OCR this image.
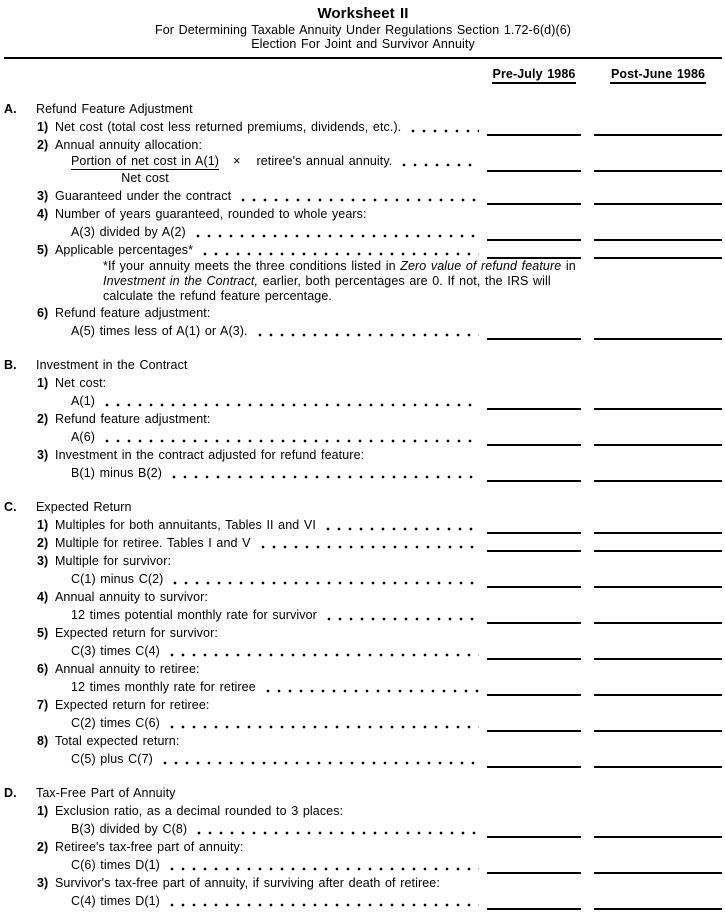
Worksheet II
For Determining Taxable Annuity Under Regulations Section 1.72-6(d)(6)
Election For Joint and Survivor Annuity
Pre-July 1986	Post-June 1986
A.	Refund Feature Adjustment
1) Net cost (total cost less returned premiums, dividends, etc.).
2) Annual annuity allocation:
$\frac{\text{Portion of net cost in A(1)}}{\text{Net cost}}$ × retiree's annual annuity.
3) Guaranteed under the contract
4) Number of years guaranteed, rounded to whole years:
A(3) divided by A(2)
5) Applicable percentages*
*If your annuity meets the three conditions listed in Zero value of refund feature in
Investment in the Contract, earlier, both percentages are 0. If not, the IRS will
calculate the refund feature percentage.
6) Refund feature adjustment:
A(5) times less of A(1) or A(3).
B.	Investment in the Contract
1) Net cost:
A(1)
2) Refund feature adjustment:
A(6)
3) Investment in the contract adjusted for refund feature:
B(1) minus B(2)
C.	Expected Return
1) Multiples for both annuitants, Tables II and VI
2) Multiple for retiree. Tables I and V
3) Multiple for survivor:
C(1) minus C(2)
4) Annual annuity to survivor:
12 times potential monthly rate for survivor
5) Expected return for survivor:
C(3) times C(4)
6) Annual annuity to retiree:
12 times monthly rate for retiree
7) Expected return for retiree:
C(2) times C(6)
8) Total expected return:
C(5) plus C(7)
D.	Tax-Free Part of Annuity
1) Exclusion ratio, as a decimal rounded to 3 places:
B(3) divided by C(8)
2) Retiree's tax-free part of annuity:
C(6) times D(1)
3) Survivor's tax-free part of annuity, if surviving after death of retiree:
C(4) times D(1)
